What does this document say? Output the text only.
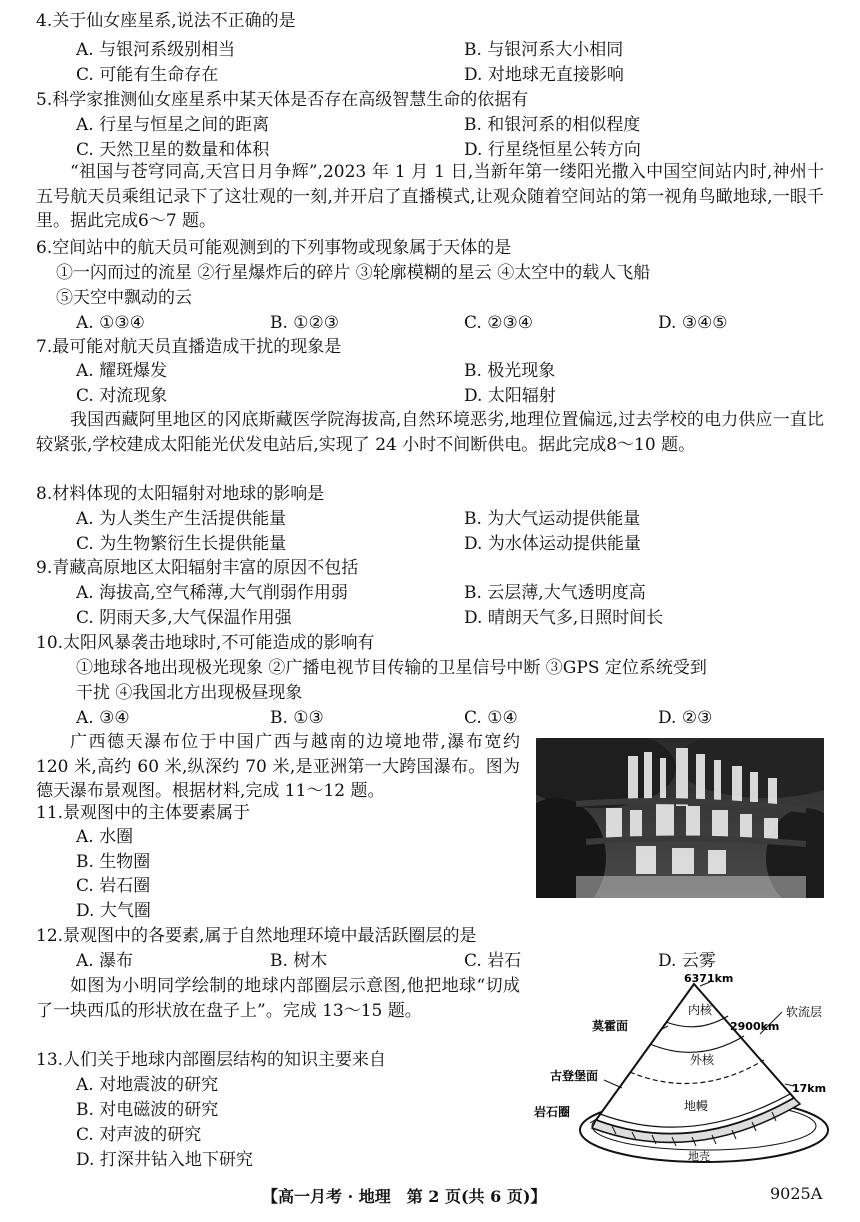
4.关于仙女座星系,说法不正确的是
A. 与银河系级别相当	B. 与银河系大小相同
C. 可能有生命存在	D. 对地球无直接影响
5.科学家推测仙女座星系中某天体是否存在高级智慧生命的依据有
A. 行星与恒星之间的距离	B. 和银河系的相似程度
C. 天然卫星的数量和体积	D. 行星绕恒星公转方向
“祖国与苍穹同高,天宫日月争辉”,2023 年 1 月 1 日,当新年第一缕阳光撒入中国空间站内时,神州十五号航天员乘组记录下了这壮观的一刻,并开启了直播模式,让观众随着空间站的第一视角鸟瞰地球,一眼千里。据此完成6～7 题。
6.空间站中的航天员可能观测到的下列事物或现象属于天体的是
①一闪而过的流星 ②行星爆炸后的碎片 ③轮廓模糊的星云 ④太空中的载人飞船
⑤天空中飘动的云
A. ①③④	B. ①②③	C. ②③④	D. ③④⑤
7.最可能对航天员直播造成干扰的现象是
A. 耀斑爆发	B. 极光现象
C. 对流现象	D. 太阳辐射
我国西藏阿里地区的冈底斯藏医学院海拔高,自然环境恶劣,地理位置偏远,过去学校的电力供应一直比较紧张,学校建成太阳能光伏发电站后,实现了 24 小时不间断供电。据此完成8～10 题。
8.材料体现的太阳辐射对地球的影响是
A. 为人类生产生活提供能量	B. 为大气运动提供能量
C. 为生物繁衍生长提供能量	D. 为水体运动提供能量
9.青藏高原地区太阳辐射丰富的原因不包括
A. 海拔高,空气稀薄,大气削弱作用弱	B. 云层薄,大气透明度高
C. 阴雨天多,大气保温作用强	D. 晴朗天气多,日照时间长
10.太阳风暴袭击地球时,不可能造成的影响有
①地球各地出现极光现象 ②广播电视节目传输的卫星信号中断 ③GPS 定位系统受到
干扰 ④我国北方出现极昼现象
A. ③④	B. ①③	C. ①④	D. ②③
广西德天瀑布位于中国广西与越南的边境地带,瀑布宽约 120 米,高约 60 米,纵深约 70 米,是亚洲第一大跨国瀑布。图为德天瀑布景观图。根据材料,完成 11～12 题。
11.景观图中的主体要素属于
A. 水圈
B. 生物圈
C. 岩石圈
D. 大气圈
12.景观图中的各要素,属于自然地理环境中最活跃圈层的是
A. 瀑布	B. 树木	C. 岩石	D. 云雾
如图为小明同学绘制的地球内部圈层示意图,他把地球“切成了一块西瓜的形状放在盘子上”。完成 13～15 题。
13.人们关于地球内部圈层结构的知识主要来自
A. 对地震波的研究
B. 对电磁波的研究
C. 对声波的研究
D. 打深井钻入地下研究
6371km
内核
莫霍面	2900km
软流层
外核
17km
古登堡面
岩石圈	地幔
地壳
【高一月考 · 地理　第 2 页(共 6 页)】	9025A
